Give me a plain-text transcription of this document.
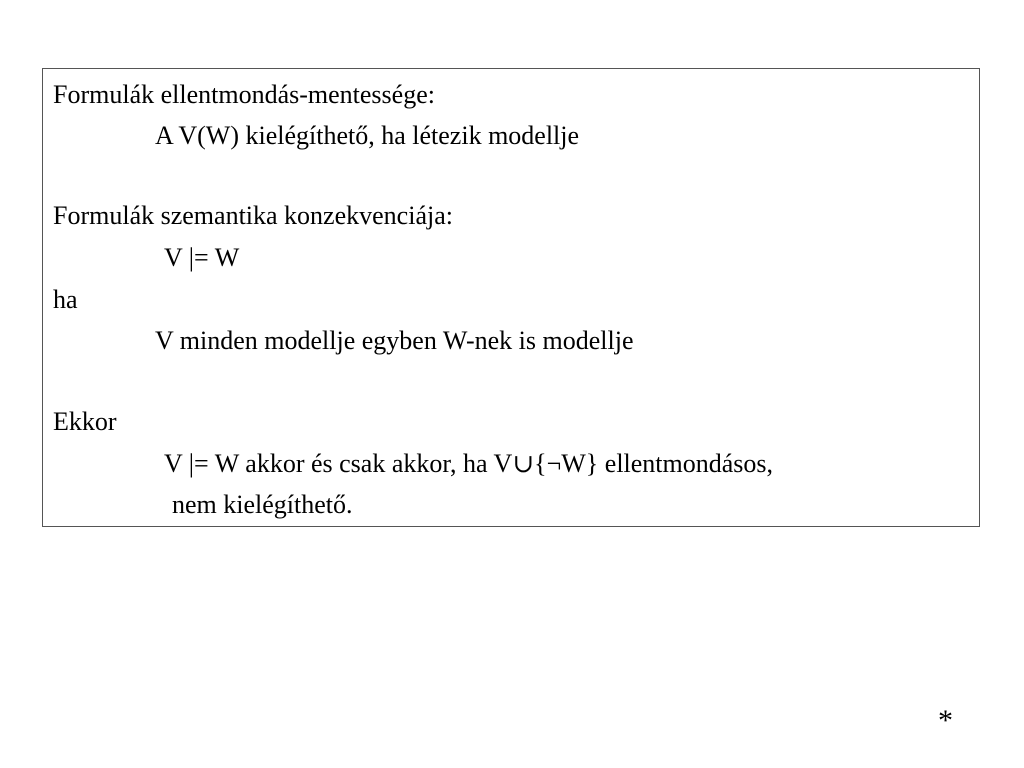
Formulák ellentmondás-mentessége:
A V(W) kielégíthető, ha létezik modellje
Formulák szemantika konzekvenciája:
V |= W
ha
V minden modellje egyben W-nek is modellje
Ekkor
V |= W akkor és csak akkor, ha V∪{¬W} ellentmondásos,
nem kielégíthető.
*
